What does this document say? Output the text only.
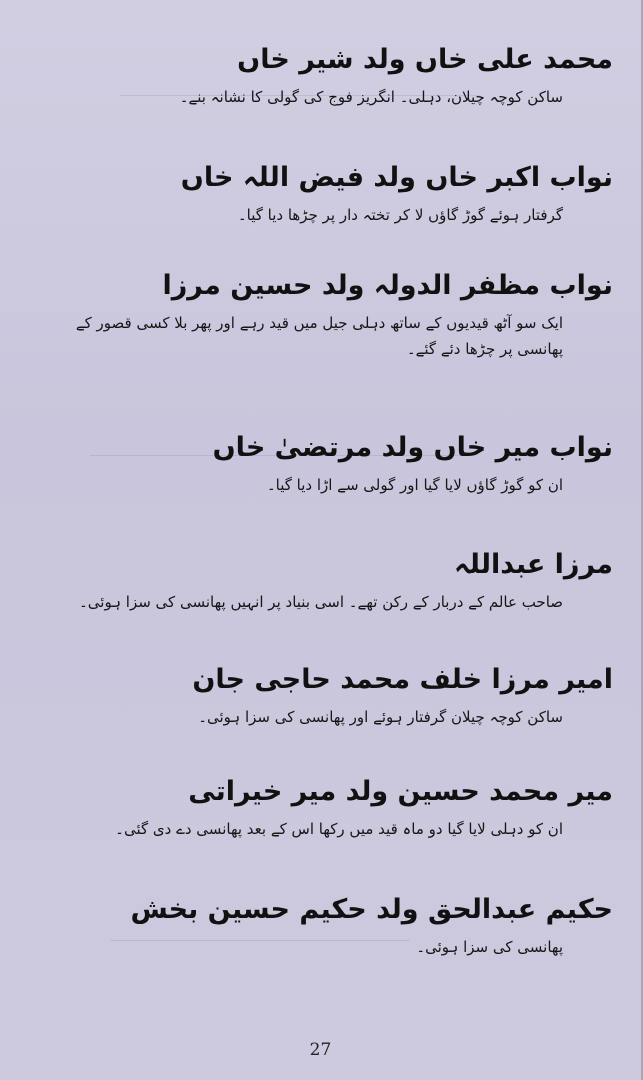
محمد علی خاں ولد شیر خاں

ساکن کوچہ چیلان، دہلی۔ انگریز فوج کی گولی کا نشانہ بنے۔

نواب اکبر خاں ولد فیض اللہ خاں

گرفتار ہوئے گوڑ گاؤں لا کر تختہ دار پر چڑھا دیا گیا۔

نواب مظفر الدولہ ولد حسین مرزا

ایک سو آٹھ قیدیوں کے ساتھ دہلی جیل میں قید رہے اور پھر بلا کسی قصور کے پھانسی پر چڑھا دئے گئے۔

نواب میر خاں ولد مرتضیٰ خاں

ان کو گوڑ گاؤں لایا گیا اور گولی سے اڑا دیا گیا۔

مرزا عبداللہ

صاحب عالم کے دربار کے رکن تھے۔ اسی بنیاد پر انہیں پھانسی کی سزا ہوئی۔

امیر مرزا خلف محمد حاجی جان

ساکن کوچہ چیلان گرفتار ہوئے اور پھانسی کی سزا ہوئی۔

میر محمد حسین ولد میر خیراتی

ان کو دہلی لایا گیا دو ماہ قید میں رکھا اس کے بعد پھانسی دے دی گئی۔

حکیم عبدالحق ولد حکیم حسین بخش

پھانسی کی سزا ہوئی۔

27
